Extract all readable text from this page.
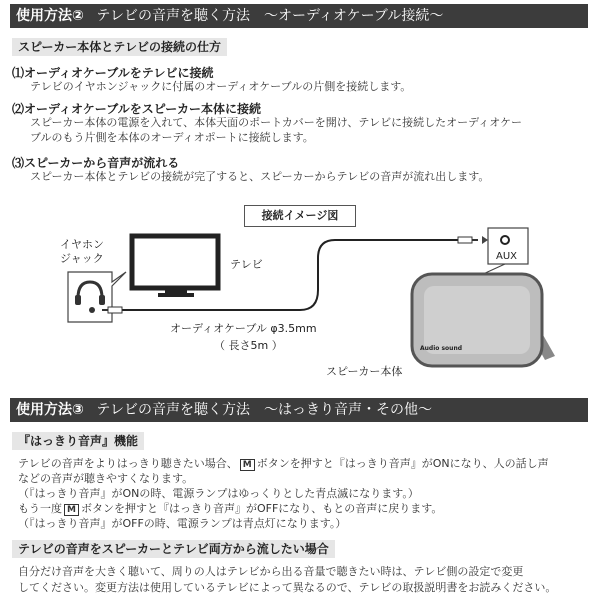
使用方法② テレビの音声を聴く方法　～オーディオケーブル接続～
スピーカー本体とテレビの接続の仕方
⑴オーディオケーブルをテレビに接続
テレビのイヤホンジャックに付属のオーディオケーブルの片側を接続します。
⑵オーディオケーブルをスピーカー本体に接続
スピーカー本体の電源を入れて、本体天面のポートカバーを開け、テレビに接続したオーディオケー
ブルのもう片側を本体のオーディオポートに接続します。
⑶スピーカーから音声が流れる
スピーカー本体とテレビの接続が完了すると、スピーカーからテレビの音声が流れ出します。
接続イメージ図
イヤホン
ジャック	テレビ
AUX
オーディオケーブル φ3.5mm
（ 長さ5m ）	Audio sound
スピーカー本体
使用方法③ テレビの音声を聴く方法　～はっきり音声・その他～
『はっきり音声』機能
テレビの音声をよりはっきり聴きたい場合、 M ボタンを押すと『はっきり音声』がONになり、人の話し声
などの音声が聴きやすくなります。
（『はっきり音声』がONの時、電源ランプはゆっくりとした青点滅になります。）
もう一度 M ボタンを押すと『はっきり音声』がOFFになり、もとの音声に戻ります。
（『はっきり音声』がOFFの時、電源ランプは青点灯になります。）
テレビの音声をスピーカーとテレビ両方から流したい場合
自分だけ音声を大きく聴いて、周りの人はテレビから出る音量で聴きたい時は、テレビ側の設定で変更
してください。変更方法は使用しているテレビによって異なるので、テレビの取扱説明書をお読みください。
